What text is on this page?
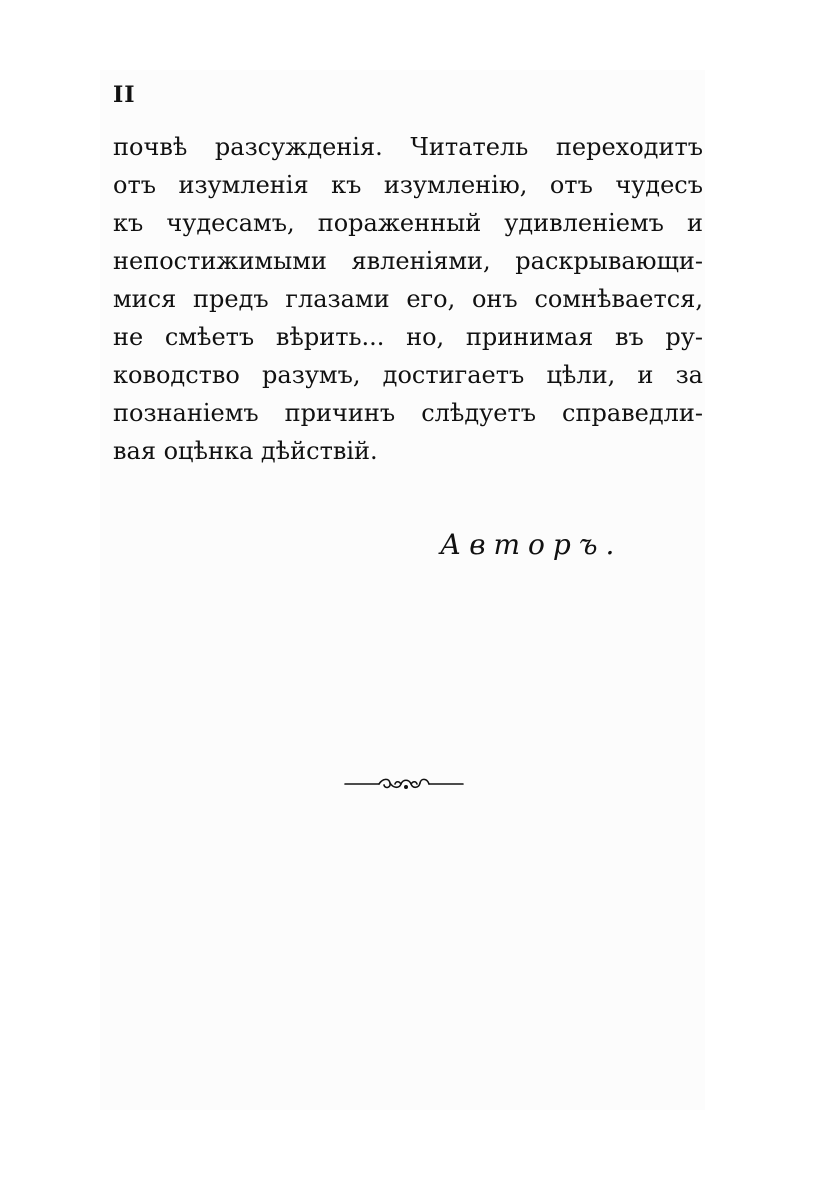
II
почвѣ разсужденія. Читатель переходитъ
отъ изумленія къ изумленію, отъ чудесъ
къ чудесамъ, пораженный удивленіемъ и
непостижимыми явленіями, раскрывающи-
мися предъ глазами его, онъ сомнѣвается,
не смѣетъ вѣрить... но, принимая въ ру-
ководство разумъ, достигаетъ цѣли, и за
познаніемъ причинъ слѣдуетъ справедли-
вая оцѣнка дѣйствій.
Авторъ.
